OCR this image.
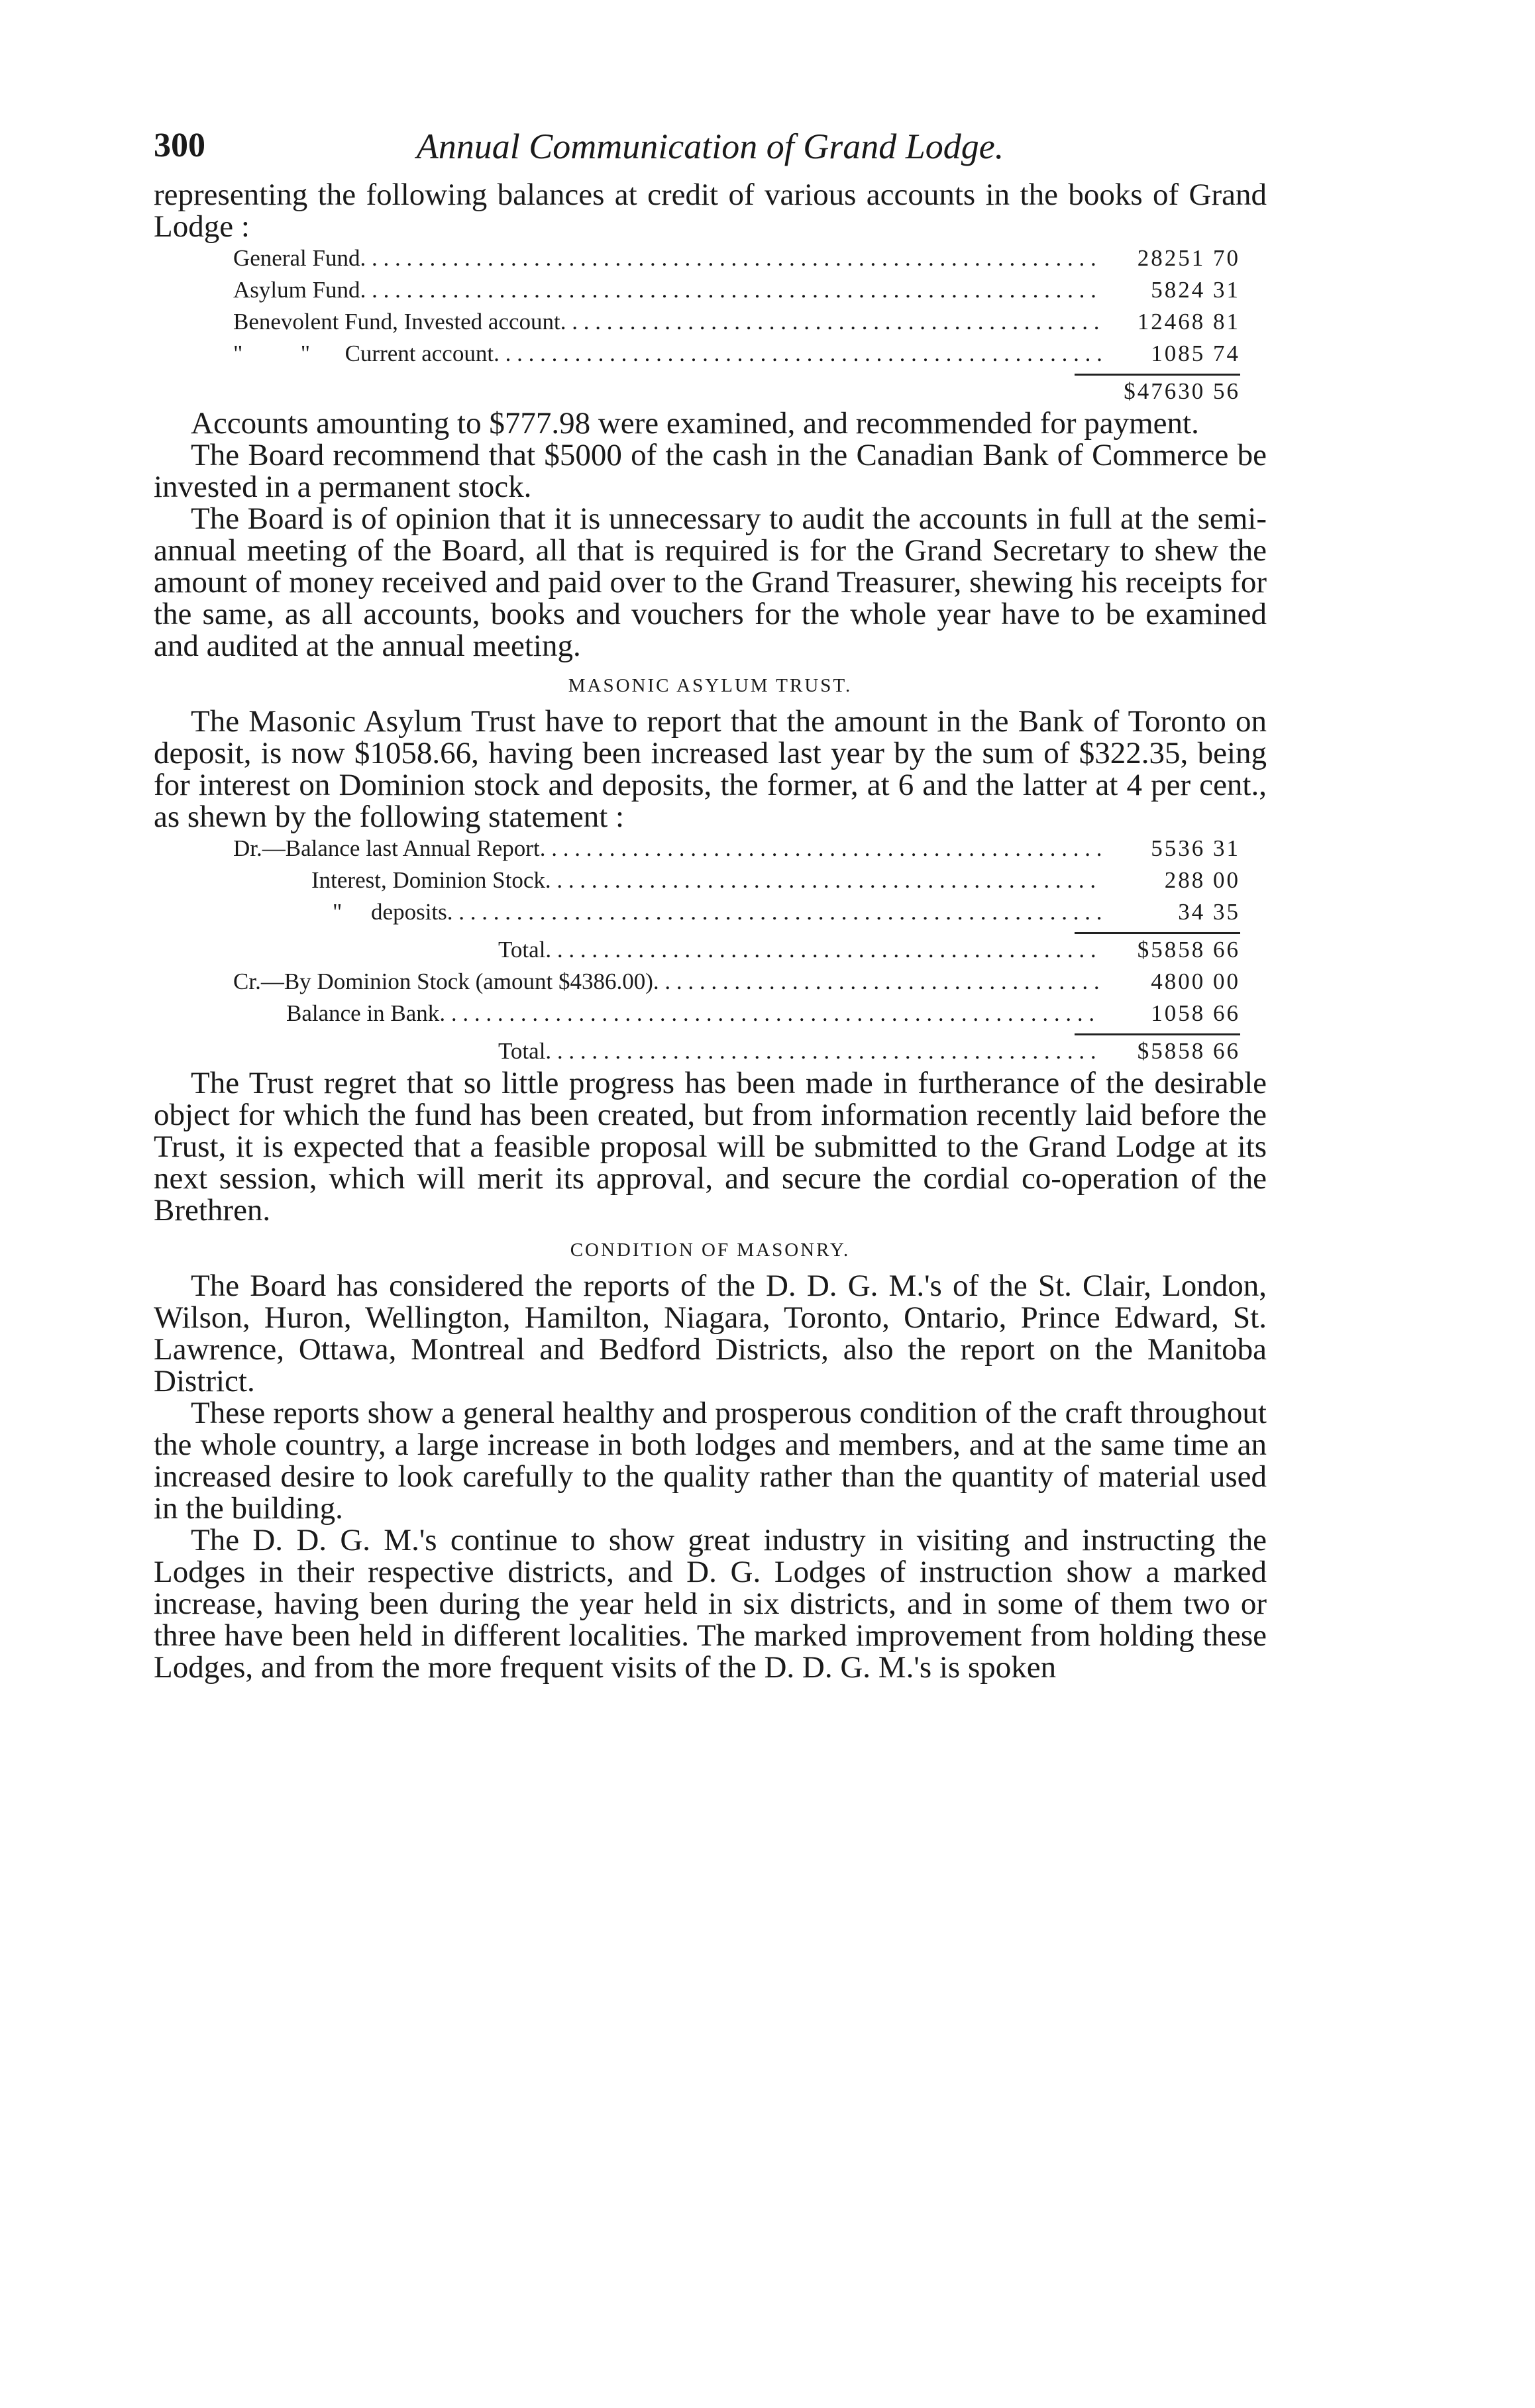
300	Annual Communication of Grand Lodge.

representing the following balances at credit of various accounts in the books of Grand Lodge :

General Fund . . .	28251 70
Asylum Fund . . .	5824 31
Benevolent Fund, Invested account . . .	12468 81
"          "      Current account . . .	1085 74
$47630 56

Accounts amounting to $777.98 were examined, and recommended for payment.

The Board recommend that $5000 of the cash in the Canadian Bank of Commerce be invested in a permanent stock.

The Board is of opinion that it is unnecessary to audit the accounts in full at the semi-annual meeting of the Board, all that is required is for the Grand Secretary to shew the amount of money received and paid over to the Grand Treasurer, shewing his receipts for the same, as all accounts, books and vouchers for the whole year have to be examined and audited at the annual meeting.

MASONIC ASYLUM TRUST.

The Masonic Asylum Trust have to report that the amount in the Bank of Toronto on deposit, is now $1058.66, having been increased last year by the sum of $322.35, being for interest on Dominion stock and deposits, the former, at 6 and the latter at 4 per cent., as shewn by the following statement :

Dr.—Balance last Annual Report . . .	5536 31
Interest, Dominion Stock . . .	288 00
"     deposits . . .	34 35
Total . . .	$5858 66
Cr.—By Dominion Stock (amount $4386.00) . . .	4800 00
Balance in Bank . . .	1058 66
Total . . .	$5858 66

The Trust regret that so little progress has been made in furtherance of the desirable object for which the fund has been created, but from information recently laid before the Trust, it is expected that a feasible proposal will be submitted to the Grand Lodge at its next session, which will merit its approval, and secure the cordial co-operation of the Brethren.

CONDITION OF MASONRY.

The Board has considered the reports of the D. D. G. M.'s of the St. Clair, London, Wilson, Huron, Wellington, Hamilton, Niagara, Toronto, Ontario, Prince Edward, St. Lawrence, Ottawa, Montreal and Bedford Districts, also the report on the Manitoba District.

These reports show a general healthy and prosperous condition of the craft throughout the whole country, a large increase in both lodges and members, and at the same time an increased desire to look carefully to the quality rather than the quantity of material used in the building.

The D. D. G. M.'s continue to show great industry in visiting and instructing the Lodges in their respective districts, and D. G. Lodges of instruction show a marked increase, having been during the year held in six districts, and in some of them two or three have been held in different localities. The marked improvement from holding these Lodges, and from the more frequent visits of the D. D. G. M.'s is spoken
